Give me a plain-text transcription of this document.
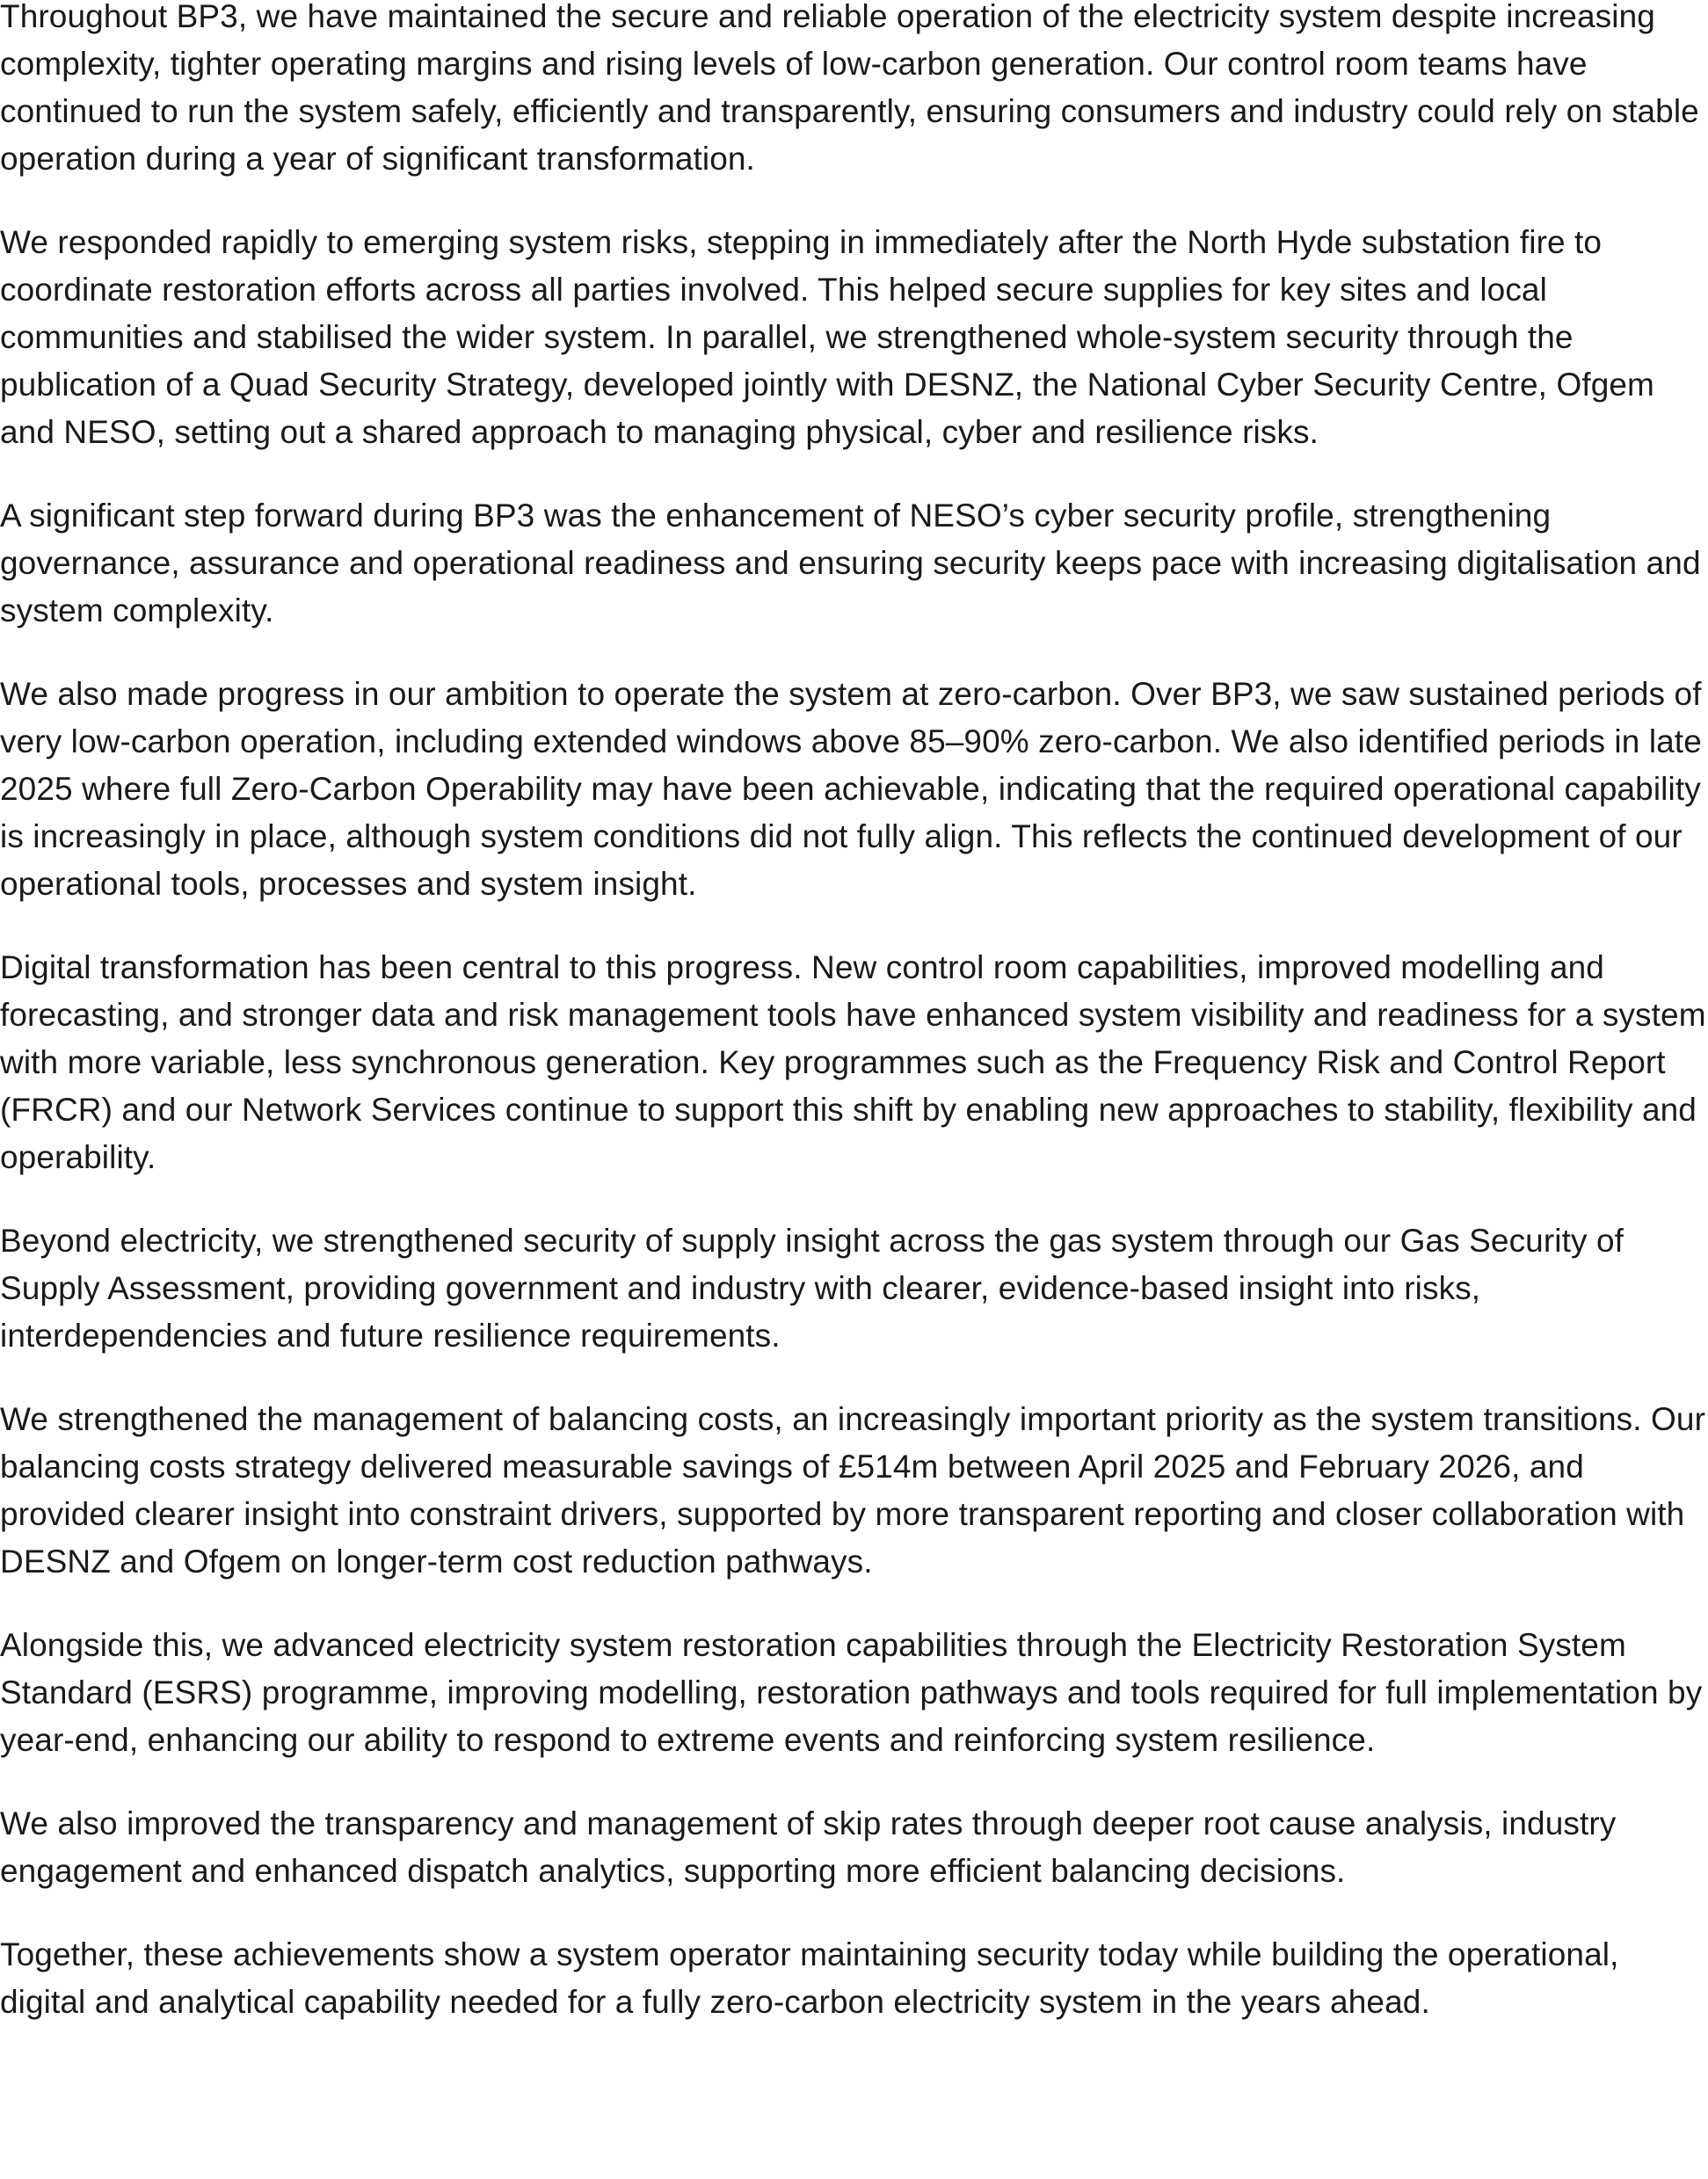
Throughout BP3, we have maintained the secure and reliable operation of the electricity system despite increasing complexity, tighter operating margins and rising levels of low-carbon generation. Our control room teams have continued to run the system safely, efficiently and transparently, ensuring consumers and industry could rely on stable operation during a year of significant transformation.

We responded rapidly to emerging system risks, stepping in immediately after the North Hyde substation fire to coordinate restoration efforts across all parties involved. This helped secure supplies for key sites and local communities and stabilised the wider system. In parallel, we strengthened whole-system security through the publication of a Quad Security Strategy, developed jointly with DESNZ, the National Cyber Security Centre, Ofgem and NESO, setting out a shared approach to managing physical, cyber and resilience risks.

A significant step forward during BP3 was the enhancement of NESO’s cyber security profile, strengthening governance, assurance and operational readiness and ensuring security keeps pace with increasing digitalisation and system complexity.

We also made progress in our ambition to operate the system at zero-carbon. Over BP3, we saw sustained periods of very low-carbon operation, including extended windows above 85–90% zero-carbon. We also identified periods in late 2025 where full Zero-Carbon Operability may have been achievable, indicating that the required operational capability is increasingly in place, although system conditions did not fully align. This reflects the continued development of our operational tools, processes and system insight.

Digital transformation has been central to this progress. New control room capabilities, improved modelling and forecasting, and stronger data and risk management tools have enhanced system visibility and readiness for a system with more variable, less synchronous generation. Key programmes such as the Frequency Risk and Control Report (FRCR) and our Network Services continue to support this shift by enabling new approaches to stability, flexibility and operability.

Beyond electricity, we strengthened security of supply insight across the gas system through our Gas Security of Supply Assessment, providing government and industry with clearer, evidence-based insight into risks, interdependencies and future resilience requirements.

We strengthened the management of balancing costs, an increasingly important priority as the system transitions. Our balancing costs strategy delivered measurable savings of £514m between April 2025 and February 2026, and provided clearer insight into constraint drivers, supported by more transparent reporting and closer collaboration with DESNZ and Ofgem on longer-term cost reduction pathways.

Alongside this, we advanced electricity system restoration capabilities through the Electricity Restoration System Standard (ESRS) programme, improving modelling, restoration pathways and tools required for full implementation by year-end, enhancing our ability to respond to extreme events and reinforcing system resilience.

We also improved the transparency and management of skip rates through deeper root cause analysis, industry engagement and enhanced dispatch analytics, supporting more efficient balancing decisions.

Together, these achievements show a system operator maintaining security today while building the operational, digital and analytical capability needed for a fully zero-carbon electricity system in the years ahead.
